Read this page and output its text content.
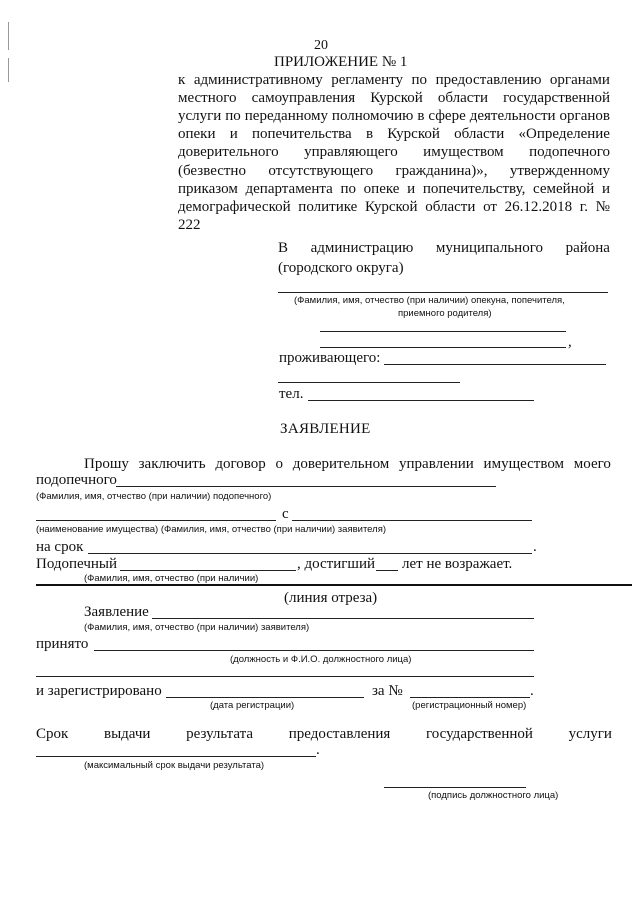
20
ПРИЛОЖЕНИЕ № 1
к административному регламенту по предоставлению органами
местного самоуправления Курской области государственной
услуги по переданному полномочию в сфере деятельности органов
опеки и попечительства в Курской области «Определение
доверительного управляющего имуществом подопечного
(безвестно отсутствующего гражданина)», утвержденному
приказом департамента по опеке и попечительству, семейной и
демографической политике Курской области от 26.12.2018 г. №
222
В администрацию муниципального района
(городского округа)
(Фамилия, имя, отчество (при наличии) опекуна, попечителя,
приемного родителя)
,
проживающего:
тел.
ЗАЯВЛЕНИЕ
Прошу заключить договор о доверительном управлении имуществом моего
подопечного
(Фамилия, имя, отчество (при наличии) подопечного)
с
(наименование имущества) (Фамилия, имя, отчество (при наличии) заявителя)
на срок	.
Подопечный	, достигший лет не возражает.
(Фамилия, имя, отчество (при наличии)
(линия отреза)
Заявление
(Фамилия, имя, отчество (при наличии) заявителя)
принято
(должность и Ф.И.О. должностного лица)
и зарегистрировано	за №	.
(дата регистрации)	(регистрационный номер)
Срок выдачи результата предоставления государственной услуги
.
(максимальный срок выдачи результата)
(подпись должностного лица)
